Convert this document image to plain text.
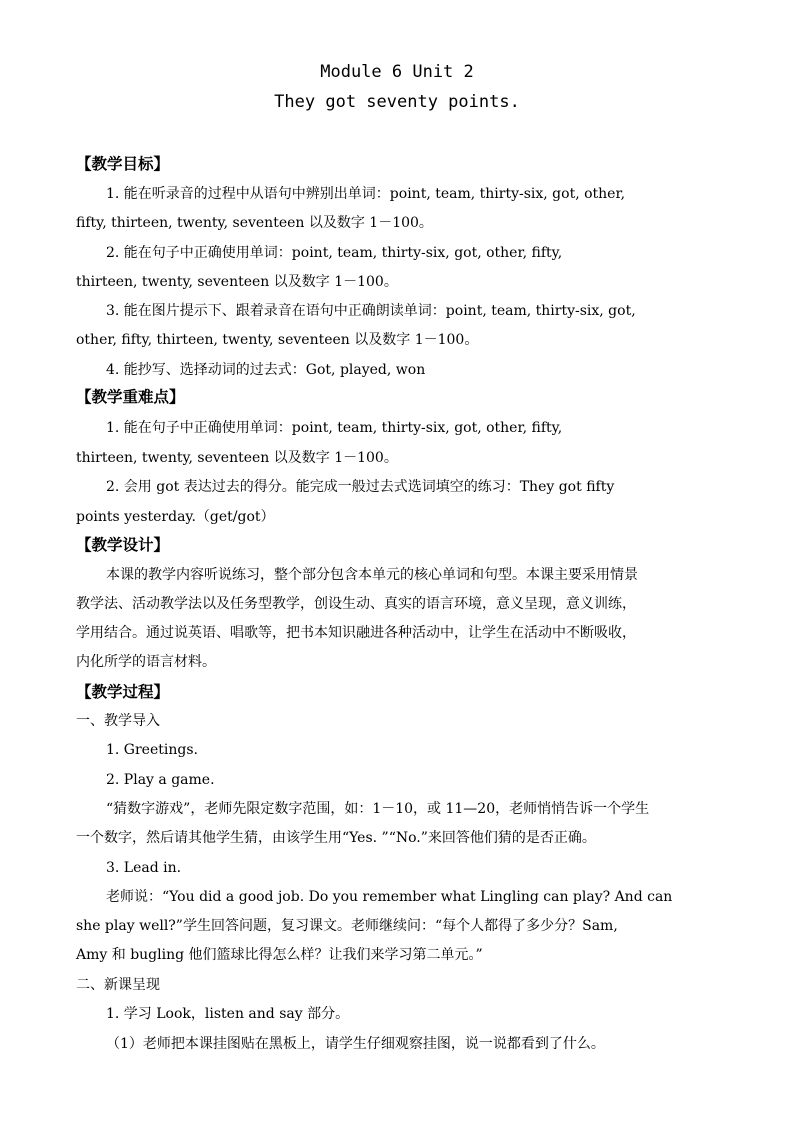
Module 6 Unit 2
They got seventy points.
【教学目标】
1. 能在听录音的过程中从语句中辨别出单词：point, team, thirty-six, got, other,
fifty, thirteen, twenty, seventeen 以及数字 1－100。
2. 能在句子中正确使用单词：point, team, thirty-six, got, other, fifty,
thirteen, twenty, seventeen 以及数字 1－100。
3. 能在图片提示下、跟着录音在语句中正确朗读单词：point, team, thirty-six, got,
other, fifty, thirteen, twenty, seventeen 以及数字 1－100。
4. 能抄写、选择动词的过去式：Got, played, won
【教学重难点】
1. 能在句子中正确使用单词：point, team, thirty-six, got, other, fifty,
thirteen, twenty, seventeen 以及数字 1－100。
2. 会用 got 表达过去的得分。能完成一般过去式选词填空的练习：They got fifty
points yesterday.（get/got）
【教学设计】
本课的教学内容听说练习，整个部分包含本单元的核心单词和句型。本课主要采用情景
教学法、活动教学法以及任务型教学，创设生动、真实的语言环境，意义呈现，意义训练，
学用结合。通过说英语、唱歌等，把书本知识融进各种活动中，让学生在活动中不断吸收，
内化所学的语言材料。
【教学过程】
一、教学导入
1. Greetings.
2. Play a game.
“猜数字游戏”，老师先限定数字范围，如：1－10，或 11—20，老师悄悄告诉一个学生
一个数字，然后请其他学生猜，由该学生用“Yes. ”“No.”来回答他们猜的是否正确。
3. Lead in.
老师说：“You did a good job. Do you remember what Lingling can play? And can
she play well?”学生回答问题，复习课文。老师继续问：“每个人都得了多少分？Sam,
Amy 和 bugling 他们篮球比得怎么样？让我们来学习第二单元。”
二、新课呈现
1. 学习 Look，listen and say 部分。
（1）老师把本课挂图贴在黑板上，请学生仔细观察挂图，说一说都看到了什么。
